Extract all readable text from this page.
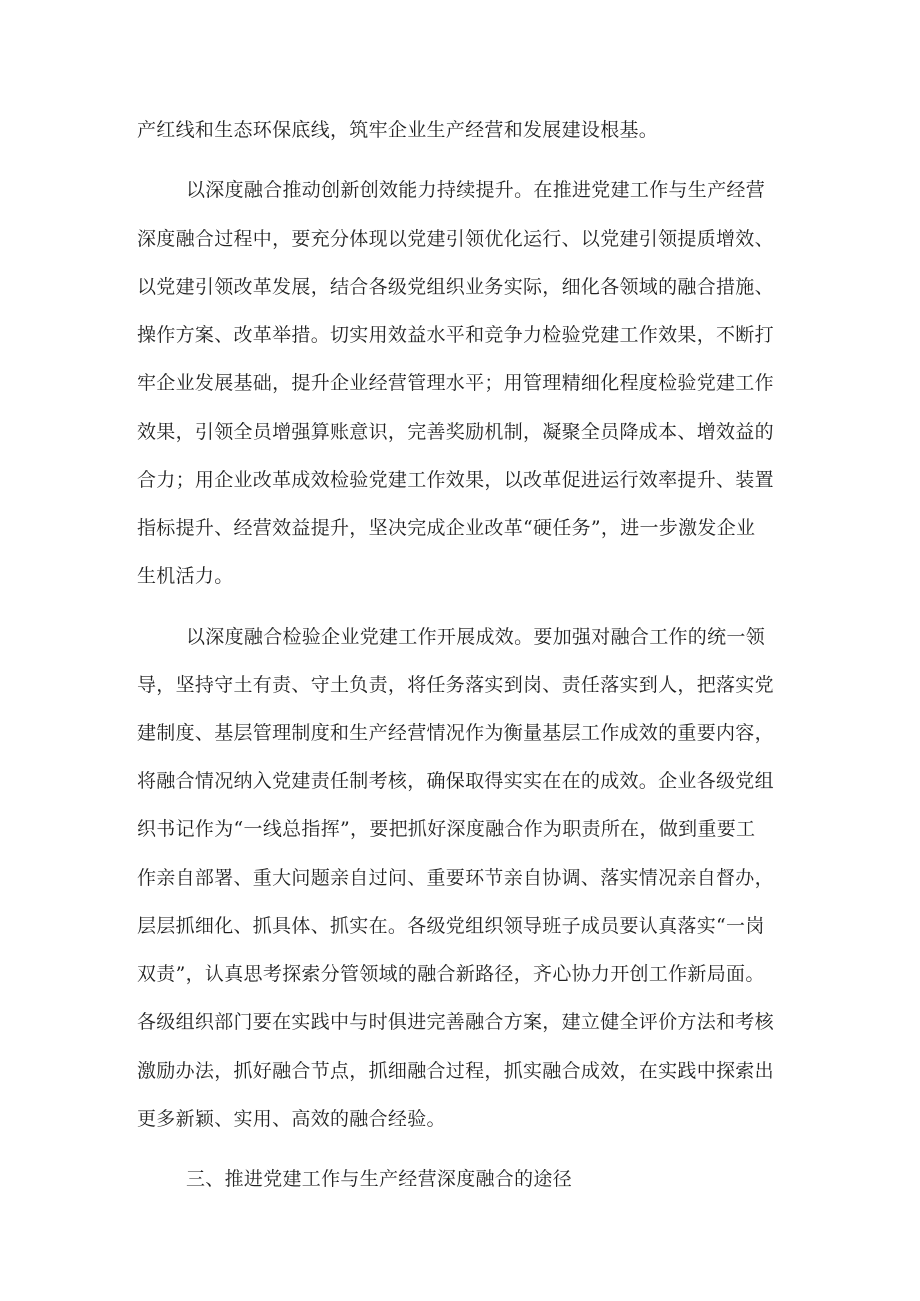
产红线和生态环保底线，筑牢企业生产经营和发展建设根基。
以深度融合推动创新创效能力持续提升。在推进党建工作与生产经营
深度融合过程中，要充分体现以党建引领优化运行、以党建引领提质增效、
以党建引领改革发展，结合各级党组织业务实际，细化各领域的融合措施、
操作方案、改革举措。切实用效益水平和竞争力检验党建工作效果，不断打
牢企业发展基础，提升企业经营管理水平；用管理精细化程度检验党建工作
效果，引领全员增强算账意识，完善奖励机制，凝聚全员降成本、增效益的
合力；用企业改革成效检验党建工作效果，以改革促进运行效率提升、装置
指标提升、经营效益提升，坚决完成企业改革“硬任务”，进一步激发企业
生机活力。
以深度融合检验企业党建工作开展成效。要加强对融合工作的统一领
导，坚持守土有责、守土负责，将任务落实到岗、责任落实到人，把落实党
建制度、基层管理制度和生产经营情况作为衡量基层工作成效的重要内容，
将融合情况纳入党建责任制考核，确保取得实实在在的成效。企业各级党组
织书记作为“一线总指挥”，要把抓好深度融合作为职责所在，做到重要工
作亲自部署、重大问题亲自过问、重要环节亲自协调、落实情况亲自督办，
层层抓细化、抓具体、抓实在。各级党组织领导班子成员要认真落实“一岗
双责”，认真思考探索分管领域的融合新路径，齐心协力开创工作新局面。
各级组织部门要在实践中与时俱进完善融合方案，建立健全评价方法和考核
激励办法，抓好融合节点，抓细融合过程，抓实融合成效，在实践中探索出
更多新颖、实用、高效的融合经验。
三、推进党建工作与生产经营深度融合的途径
